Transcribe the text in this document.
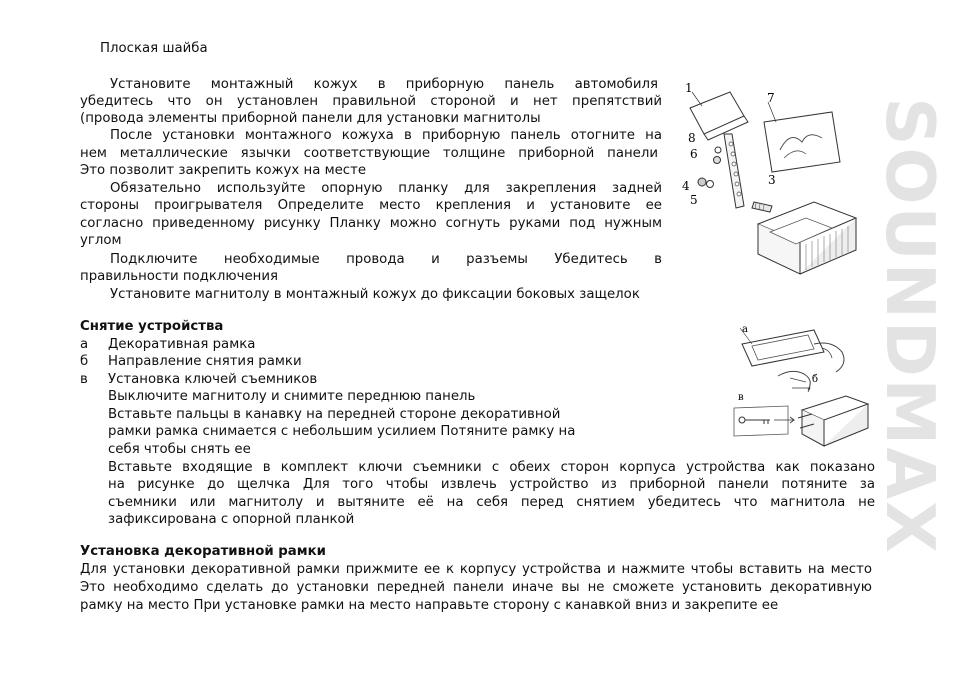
SOUNDMAX
Плоская шайба
Установите монтажный кожух в приборную панель автомобиля
убедитесь что он установлен правильной стороной и нет препятствий
(провода элементы приборной панели для установки магнитолы
После установки монтажного кожуха в приборную панель отогните на
нем металлические язычки соответствующие толщине приборной панели
Это позволит закрепить кожух на месте
Обязательно используйте опорную планку для закрепления задней
стороны проигрывателя Определите место крепления и установите ее
согласно приведенному рисунку Планку можно согнуть руками под нужным
углом
Подключите необходимые провода и разъемы Убедитесь в
правильности подключения
Установите магнитолу в монтажный кожух до фиксации боковых защелок
1
7
8
6
4
5
3
Снятие устройства
а Декоративная рамка
б Направление снятия рамки
в Установка ключей съемников
Выключите магнитолу и снимите переднюю панель
Вставьте пальцы в канавку на передней стороне декоративной
рамки рамка снимается с небольшим усилием Потяните рамку на
себя чтобы снять ее
Вставьте входящие в комплект ключи съемники с обеих сторон корпуса устройства как показано
на рисунке до щелчка Для того чтобы извлечь устройство из приборной панели потяните за
съемники или магнитолу и вытяните её на себя перед снятием убедитесь что магнитола не
зафиксирована с опорной планкой
а
б
в
Установка декоративной рамки
Для установки декоративной рамки прижмите ее к корпусу устройства и нажмите чтобы вставить на место
Это необходимо сделать до установки передней панели иначе вы не сможете установить декоративную
рамку на место При установке рамки на место направьте сторону с канавкой вниз и закрепите ее
